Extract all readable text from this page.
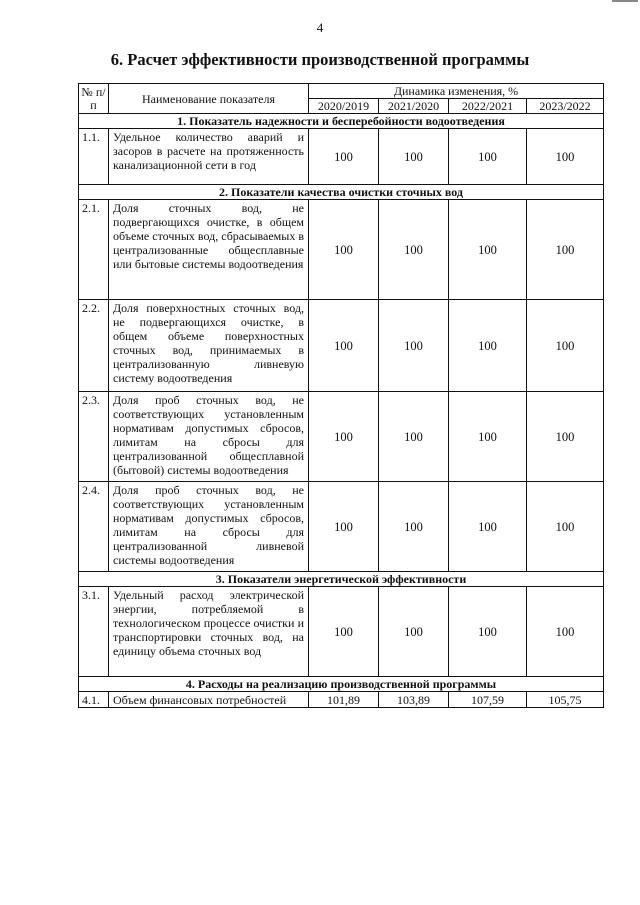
4
6. Расчет эффективности производственной программы
№ п/п	Наименование показателя	Динамика изменения, %			
		2020/2019	2021/2020	2022/2021	2023/2022
1. Показатель надежности и бесперебойности водоотведения					
1.1.	Удельное количество аварий и засоров в расчете на протяженность канализационной сети в год	100	100	100	100
2. Показатели качества очистки сточных вод					
2.1.	Доля сточных вод, не подвергающихся очистке, в общем объеме сточных вод, сбрасываемых в централизованные общесплавные или бытовые системы водоотведения	100	100	100	100
2.2.	Доля поверхностных сточных вод, не подвергающихся очистке, в общем объеме поверхностных сточных вод, принимаемых в централизованную ливневую систему водоотведения	100	100	100	100
2.3.	Доля проб сточных вод, не соответствующих установленным нормативам допустимых сбросов, лимитам на сбросы для централизованной общесплавной (бытовой) системы водоотведения	100	100	100	100
2.4.	Доля проб сточных вод, не соответствующих установленным нормативам допустимых сбросов, лимитам на сбросы для централизованной ливневой системы водоотведения	100	100	100	100
3. Показатели энергетической эффективности					
3.1.	Удельный расход электрической энергии, потребляемой в технологическом процессе очистки и транспортировки сточных вод, на единицу объема сточных вод	100	100	100	100
4. Расходы на реализацию производственной программы					
4.1.	Объем финансовых потребностей	101,89	103,89	107,59	105,75
